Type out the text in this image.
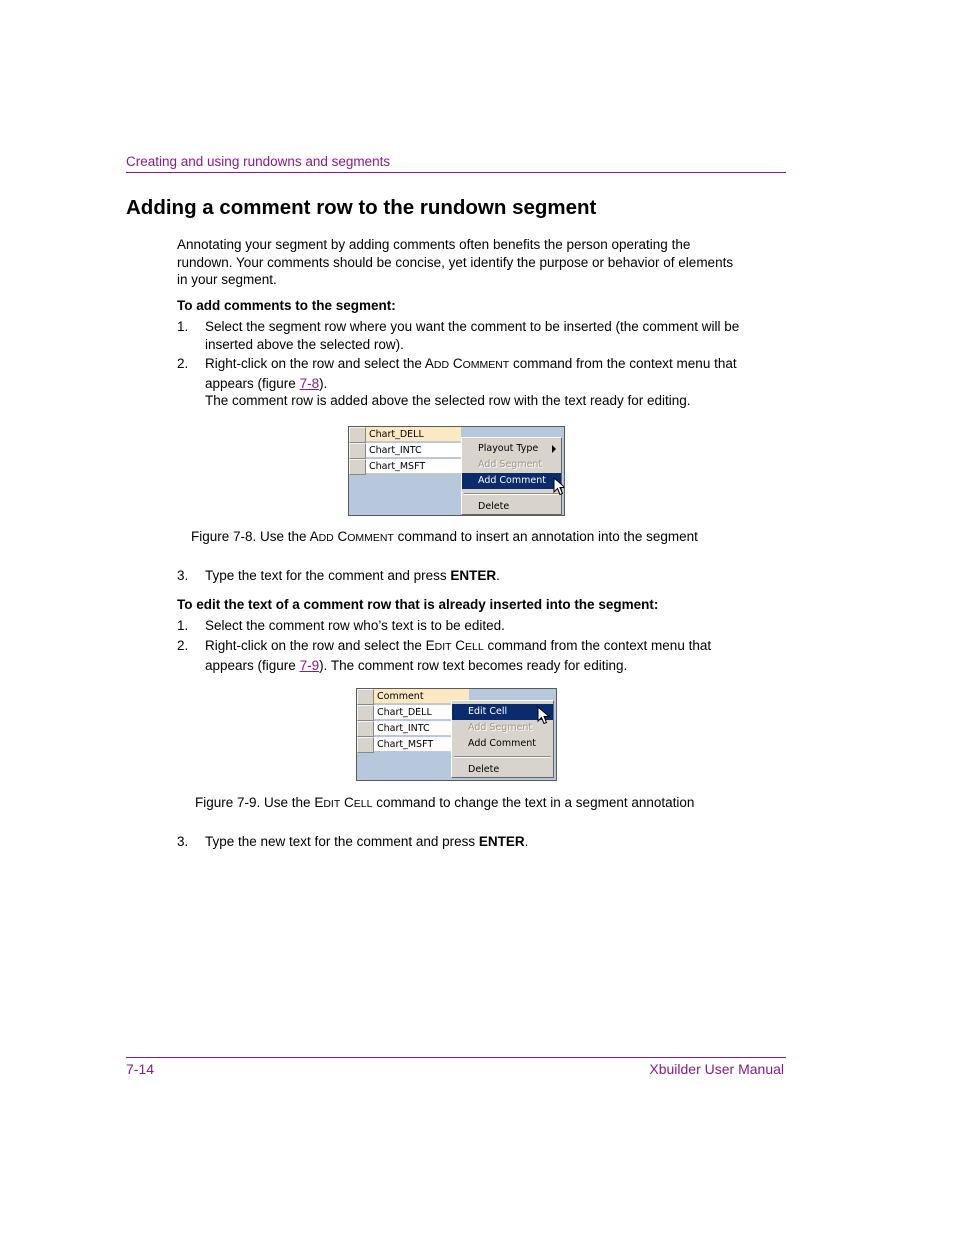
Creating and using rundowns and segments
Adding a comment row to the rundown segment
Annotating your segment by adding comments often benefits the person operating the rundown. Your comments should be concise, yet identify the purpose or behavior of elements in your segment.
To add comments to the segment:
1. Select the segment row where you want the comment to be inserted (the comment will be inserted above the selected row).
2. Right-click on the row and select the ADD COMMENT command from the context menu that appears (figure 7-8).
The comment row is added above the selected row with the text ready for editing.
Chart_DELL
Chart_INTC
Chart_MSFT
Playout Type
Add Segment
Add Comment
Delete
Figure 7-8. Use the ADD COMMENT command to insert an annotation into the segment
3. Type the text for the comment and press ENTER.
To edit the text of a comment row that is already inserted into the segment:
1. Select the comment row who’s text is to be edited.
2. Right-click on the row and select the EDIT CELL command from the context menu that appears (figure 7-9). The comment row text becomes ready for editing.
Comment
Chart_DELL
Chart_INTC
Chart_MSFT
Edit Cell
Add Segment
Add Comment
Delete
Figure 7-9. Use the EDIT CELL command to change the text in a segment annotation
3. Type the new text for the comment and press ENTER.
7-14	Xbuilder User Manual
